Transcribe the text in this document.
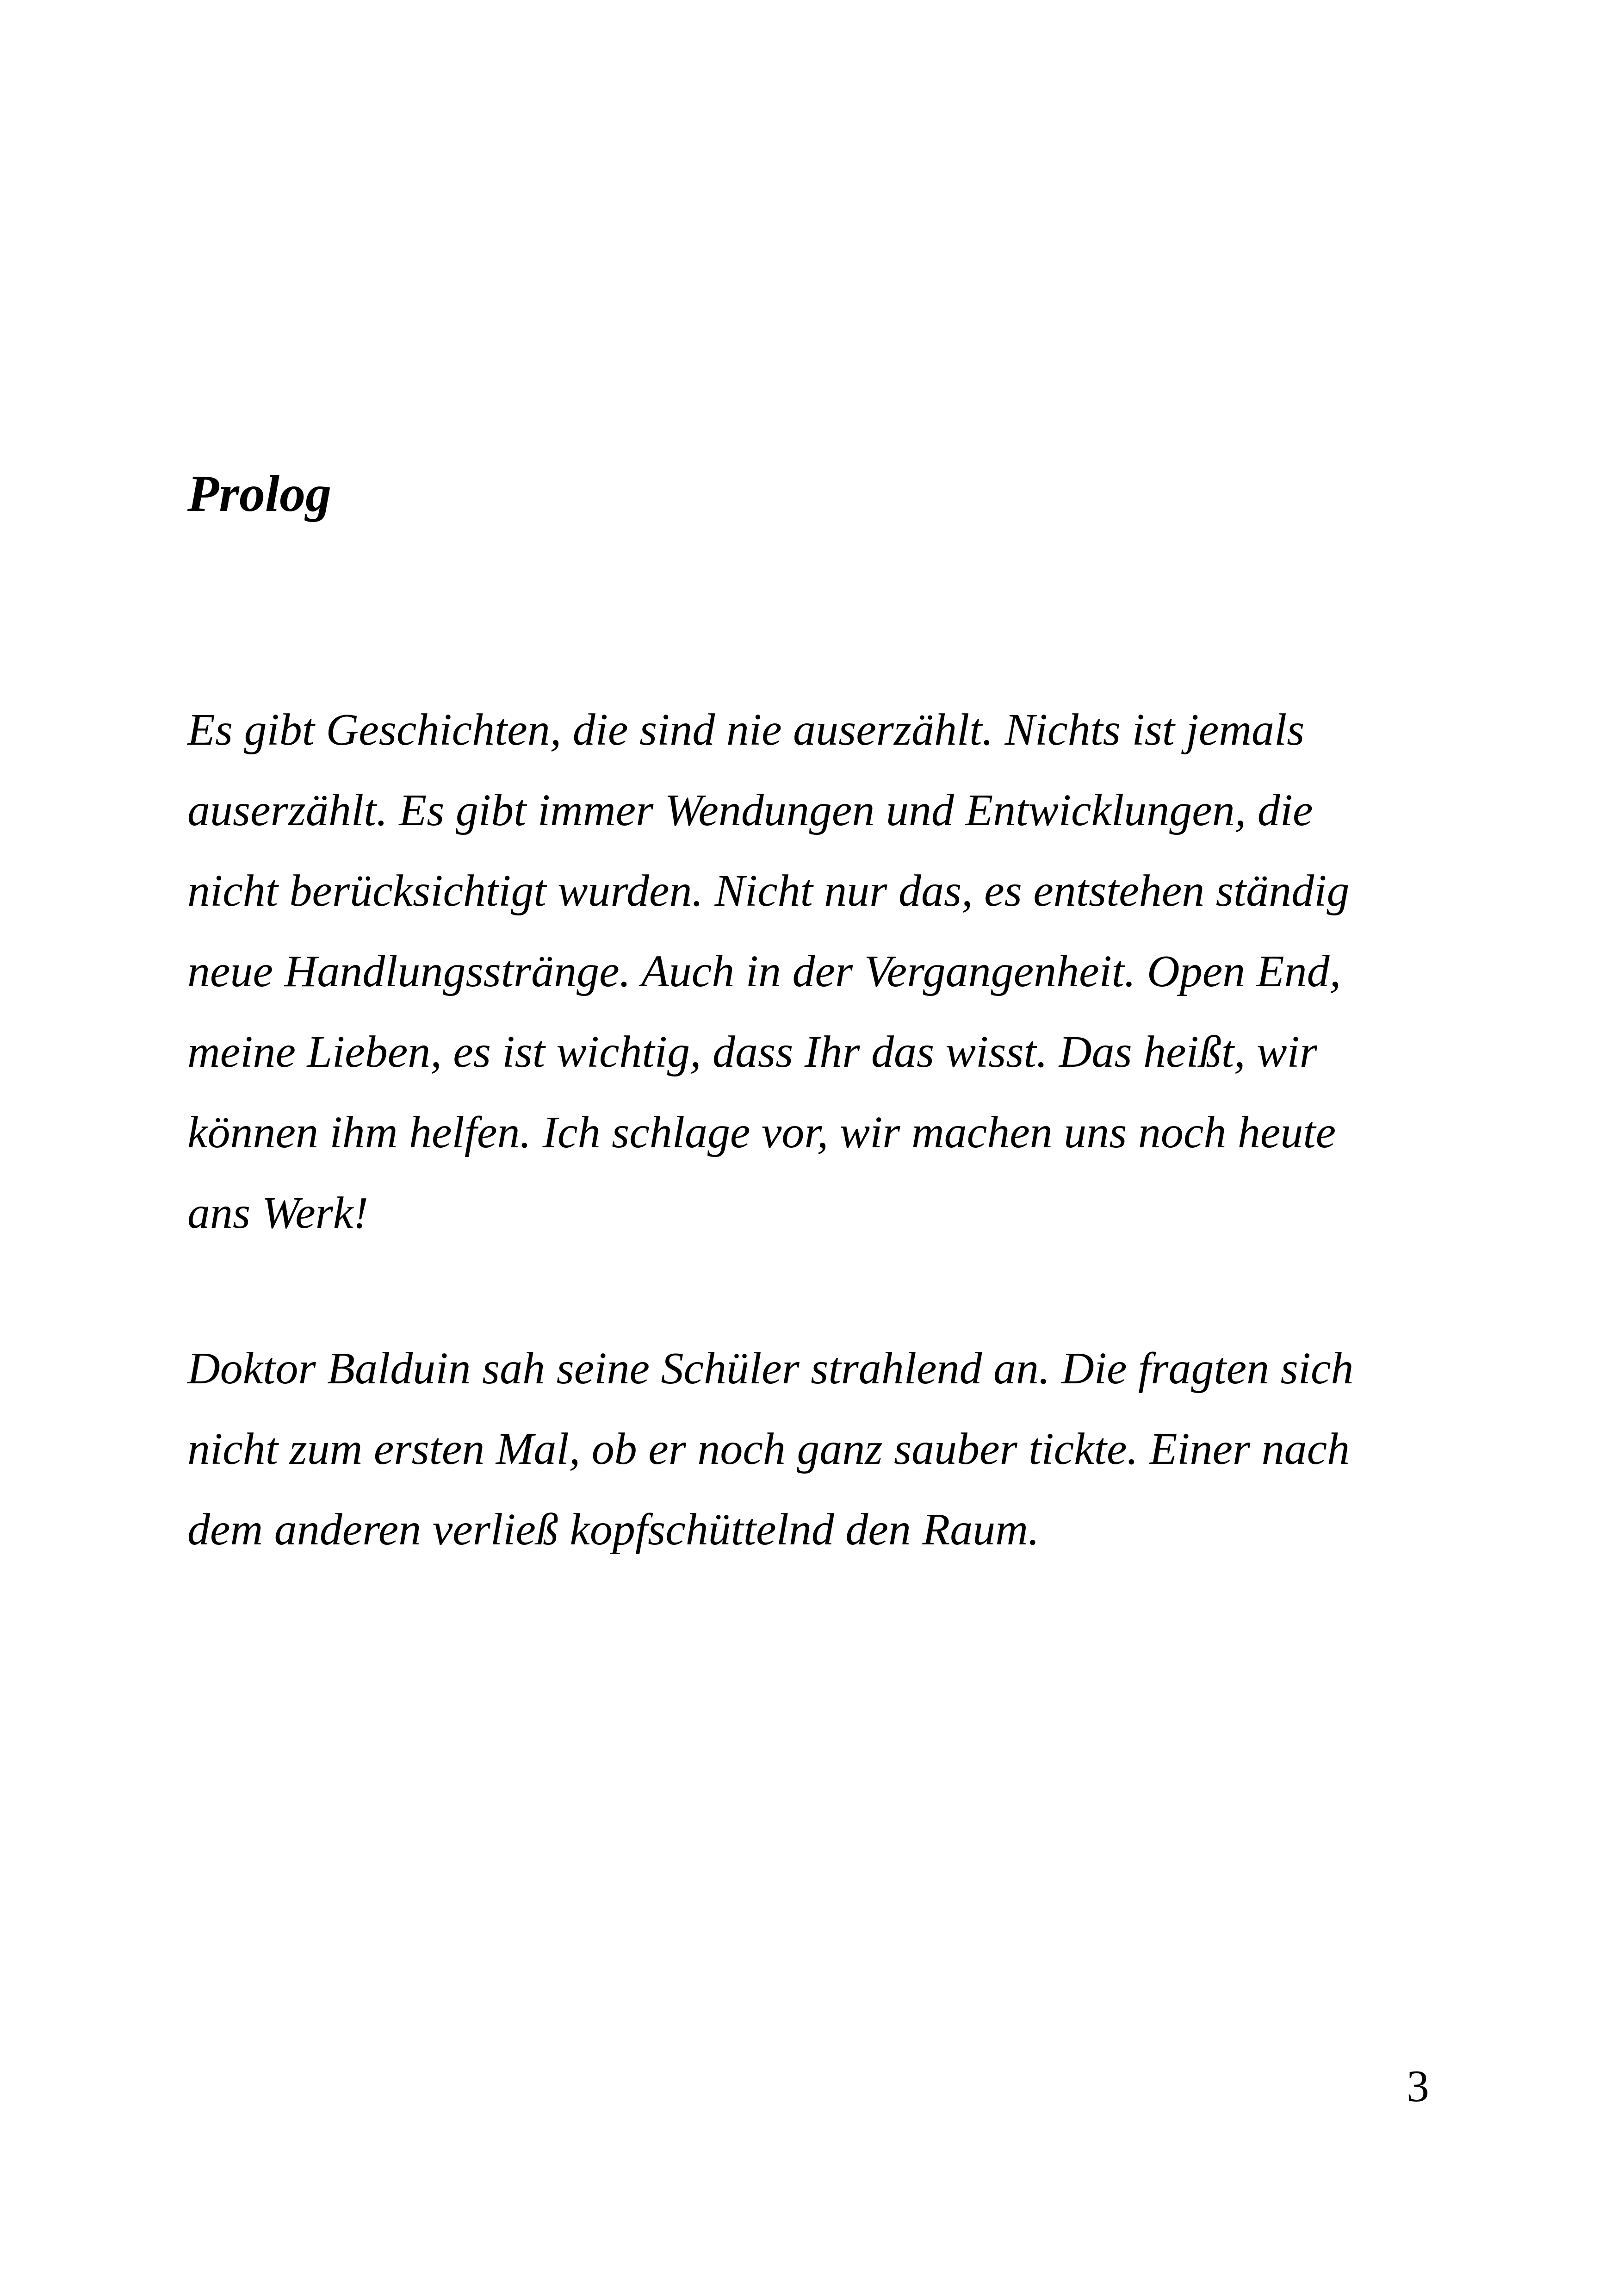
Prolog

Es gibt Geschichten, die sind nie auserzählt. Nichts ist jemals
auserzählt. Es gibt immer Wendungen und Entwicklungen, die
nicht berücksichtigt wurden. Nicht nur das, es entstehen ständig
neue Handlungsstränge. Auch in der Vergangenheit. Open End,
meine Lieben, es ist wichtig, dass Ihr das wisst. Das heißt, wir
können ihm helfen. Ich schlage vor, wir machen uns noch heute
ans Werk!

Doktor Balduin sah seine Schüler strahlend an. Die fragten sich
nicht zum ersten Mal, ob er noch ganz sauber tickte. Einer nach
dem anderen verließ kopfschüttelnd den Raum.

3
